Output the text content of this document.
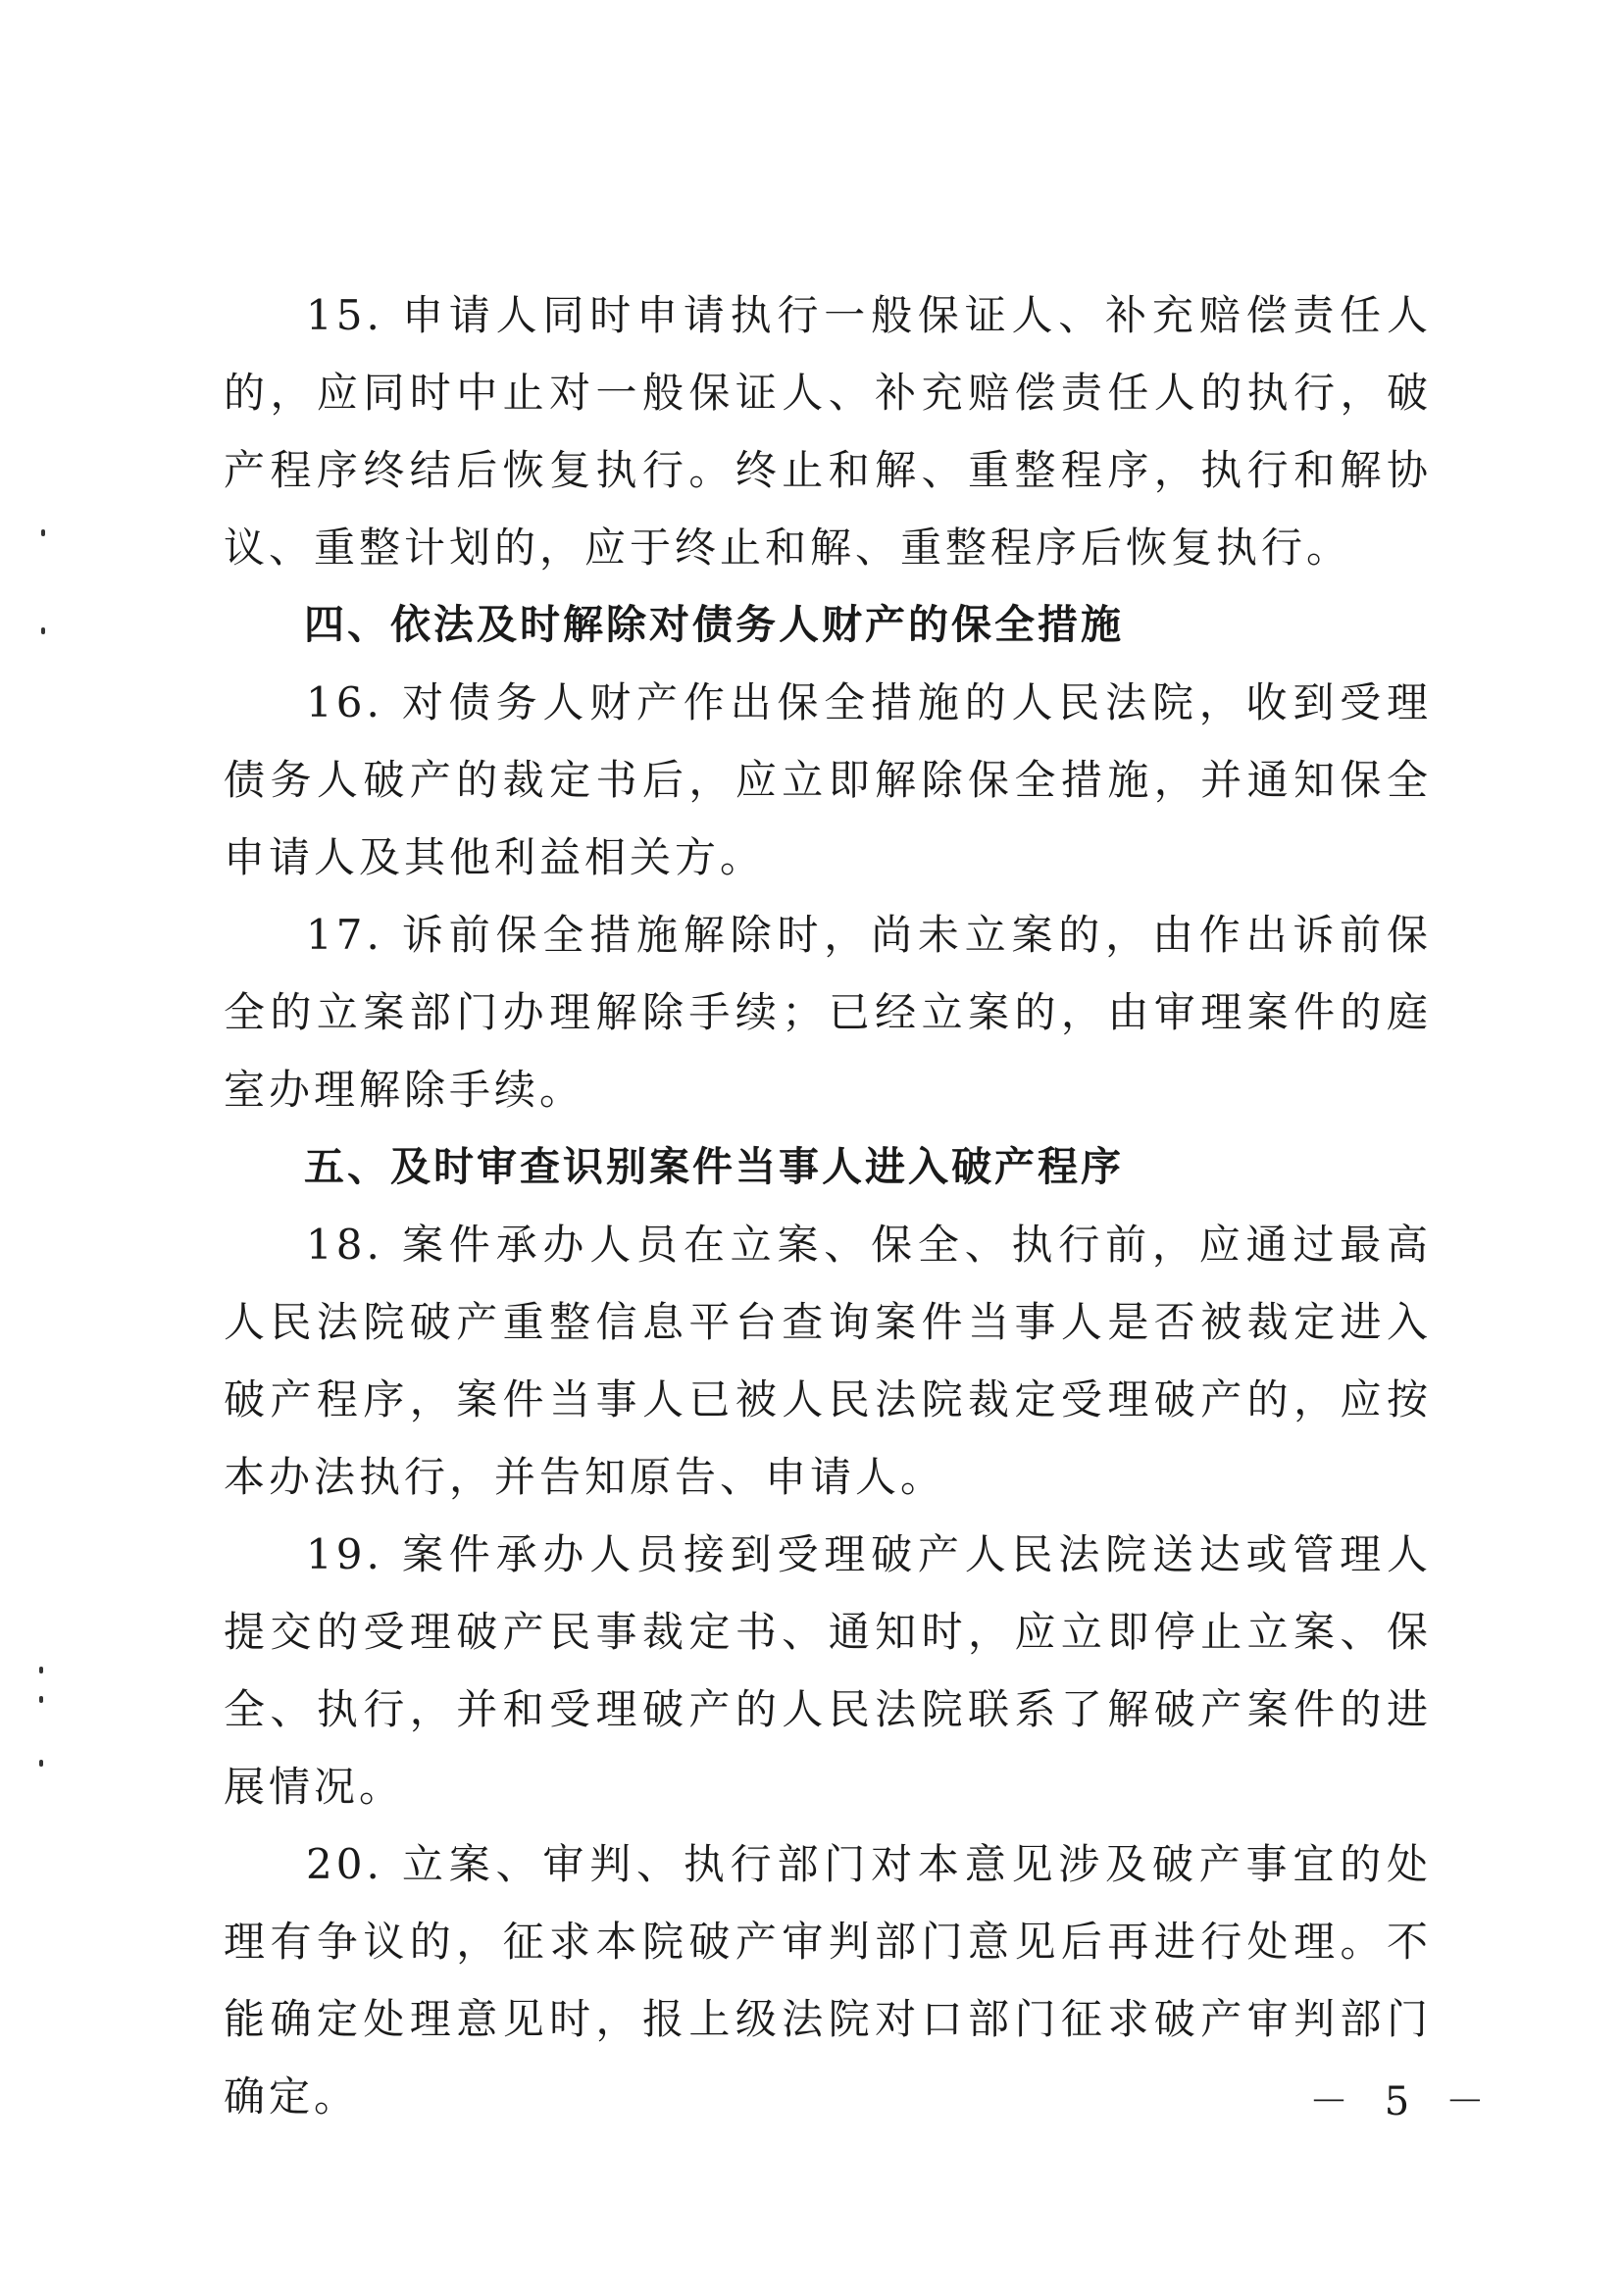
15. 申请人同时申请执行一般保证人、补充赔偿责任人的，应同时中止对一般保证人、补充赔偿责任人的执行，破产程序终结后恢复执行。终止和解、重整程序，执行和解协议、重整计划的，应于终止和解、重整程序后恢复执行。

四、依法及时解除对债务人财产的保全措施

16. 对债务人财产作出保全措施的人民法院，收到受理债务人破产的裁定书后，应立即解除保全措施，并通知保全申请人及其他利益相关方。

17. 诉前保全措施解除时，尚未立案的，由作出诉前保全的立案部门办理解除手续；已经立案的，由审理案件的庭室办理解除手续。

五、及时审查识别案件当事人进入破产程序

18. 案件承办人员在立案、保全、执行前，应通过最高人民法院破产重整信息平台查询案件当事人是否被裁定进入破产程序，案件当事人已被人民法院裁定受理破产的，应按本办法执行，并告知原告、申请人。

19. 案件承办人员接到受理破产人民法院送达或管理人提交的受理破产民事裁定书、通知时，应立即停止立案、保全、执行，并和受理破产的人民法院联系了解破产案件的进展情况。

20. 立案、审判、执行部门对本意见涉及破产事宜的处理有争议的，征求本院破产审判部门意见后再进行处理。不能确定处理意见时，报上级法院对口部门征求破产审判部门确定。	－ 5 －
